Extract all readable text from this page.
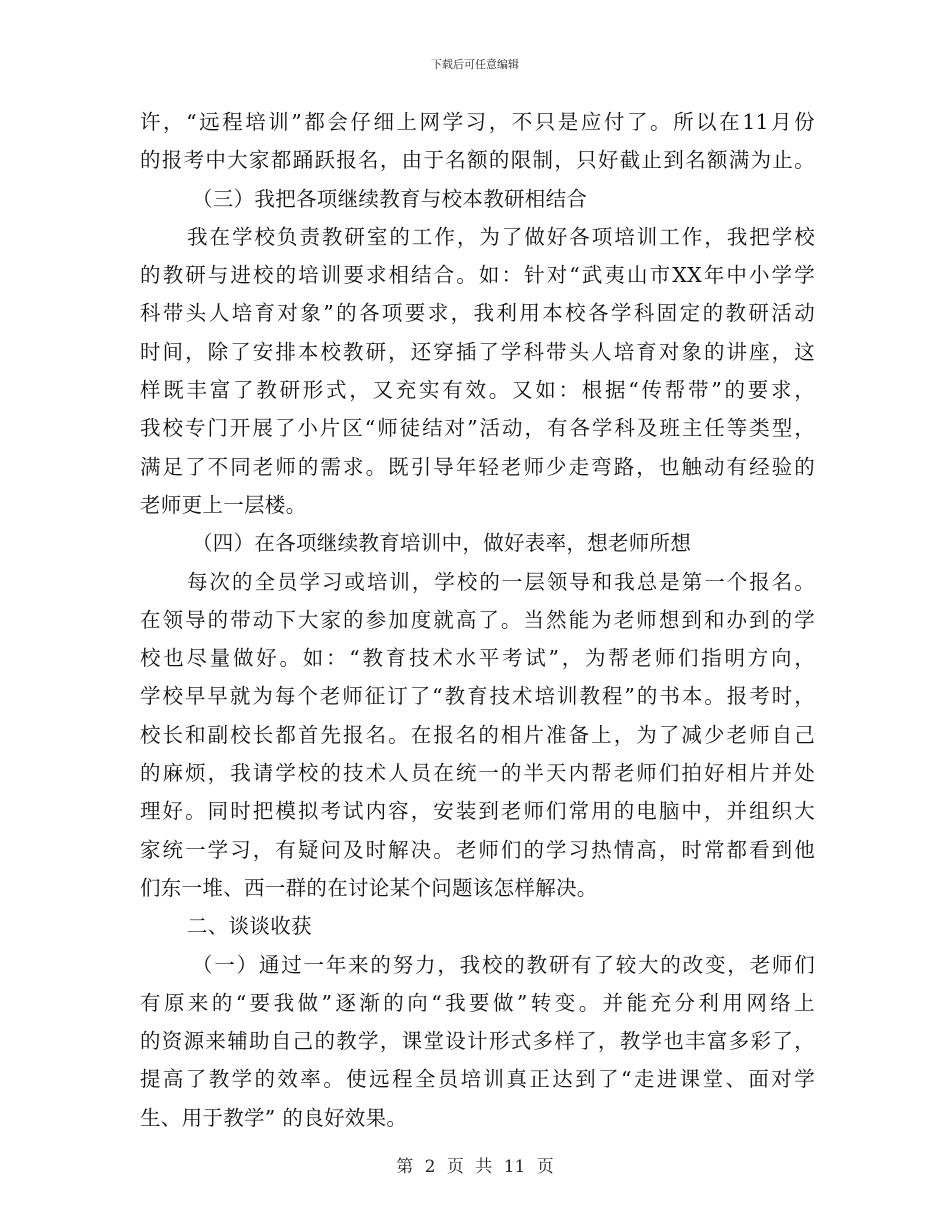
下载后可任意编辑
许，“远程培训”都会仔细上网学习，不只是应付了。所以在11月份
的报考中大家都踊跃报名，由于名额的限制，只好截止到名额满为止。
（三）我把各项继续教育与校本教研相结合
我在学校负责教研室的工作，为了做好各项培训工作，我把学校
的教研与进校的培训要求相结合。如：针对“武夷山市XX年中小学学
科带头人培育对象”的各项要求，我利用本校各学科固定的教研活动
时间，除了安排本校教研，还穿插了学科带头人培育对象的讲座，这
样既丰富了教研形式，又充实有效。又如：根据“传帮带”的要求，
我校专门开展了小片区“师徒结对”活动，有各学科及班主任等类型，
满足了不同老师的需求。既引导年轻老师少走弯路，也触动有经验的
老师更上一层楼。
（四）在各项继续教育培训中，做好表率，想老师所想
每次的全员学习或培训，学校的一层领导和我总是第一个报名。
在领导的带动下大家的参加度就高了。当然能为老师想到和办到的学
校也尽量做好。如：“教育技术水平考试”，为帮老师们指明方向，
学校早早就为每个老师征订了“教育技术培训教程”的书本。报考时，
校长和副校长都首先报名。在报名的相片准备上，为了减少老师自己
的麻烦，我请学校的技术人员在统一的半天内帮老师们拍好相片并处
理好。同时把模拟考试内容，安装到老师们常用的电脑中，并组织大
家统一学习，有疑问及时解决。老师们的学习热情高，时常都看到他
们东一堆、西一群的在讨论某个问题该怎样解决。
二、谈谈收获
（一）通过一年来的努力，我校的教研有了较大的改变，老师们
有原来的“要我做”逐渐的向“我要做”转变。并能充分利用网络上
的资源来辅助自己的教学，课堂设计形式多样了，教学也丰富多彩了，
提高了教学的效率。使远程全员培训真正达到了“走进课堂、面对学
生、用于教学” 的良好效果。
第 2 页 共 11 页
